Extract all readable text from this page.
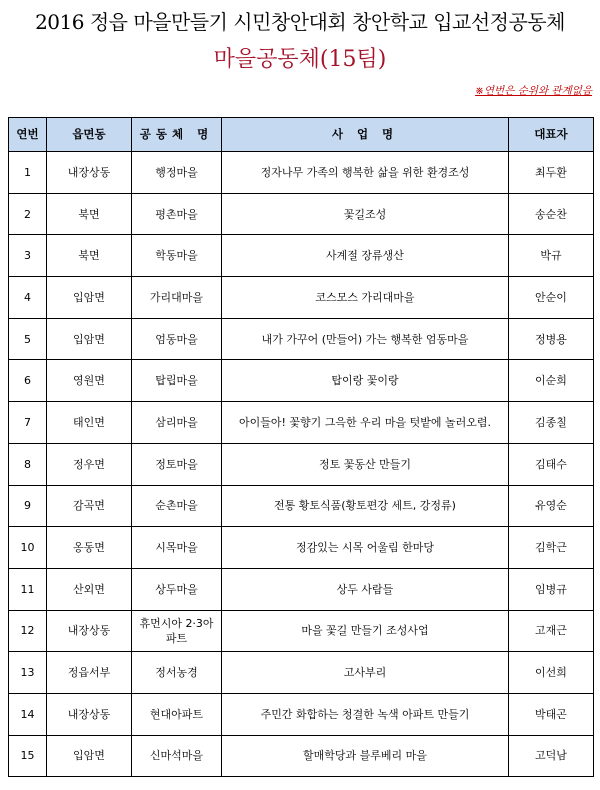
2016 정읍 마을만들기 시민창안대회 창안학교 입교선정공동체
마을공동체(15팀)
※연번은 순위와 관계없음
연번	읍면동	공동체 명	사 업 명	대표자
1	내장상동	행정마을	정자나무 가족의 행복한 삶을 위한 환경조성	최두환
2	북면	평촌마을	꽃길조성	송순찬
3	북면	학동마을	사계절 장류생산	박규
4	입암면	가리대마을	코스모스 가리대마을	안순이
5	입암면	엄동마을	내가 가꾸어 (만들어) 가는 행복한 엄동마을	정병용
6	영원면	탑립마을	탑이랑 꽃이랑	이순희
7	태인면	삼리마을	아이들아! 꽃향기 그윽한 우리 마을 텃밭에 놀러오렴.	김종칠
8	정우면	정토마을	정토 꽃동산 만들기	김태수
9	감곡면	순촌마을	전통 황토식품(황토편강 세트, 강정류)	유영순
10	옹동면	시목마을	정감있는 시목 어울림 한마당	김학근
11	산외면	상두마을	상두 사람들	임병규
12	내장상동	휴먼시아 2·3아파트	마을 꽃길 만들기 조성사업	고재근
13	정읍서부	정서농경	고사부리	이선희
14	내장상동	현대아파트	주민간 화합하는 청결한 녹색 아파트 만들기	박태곤
15	입암면	신마석마을	할매학당과 블루베리 마을	고덕남
